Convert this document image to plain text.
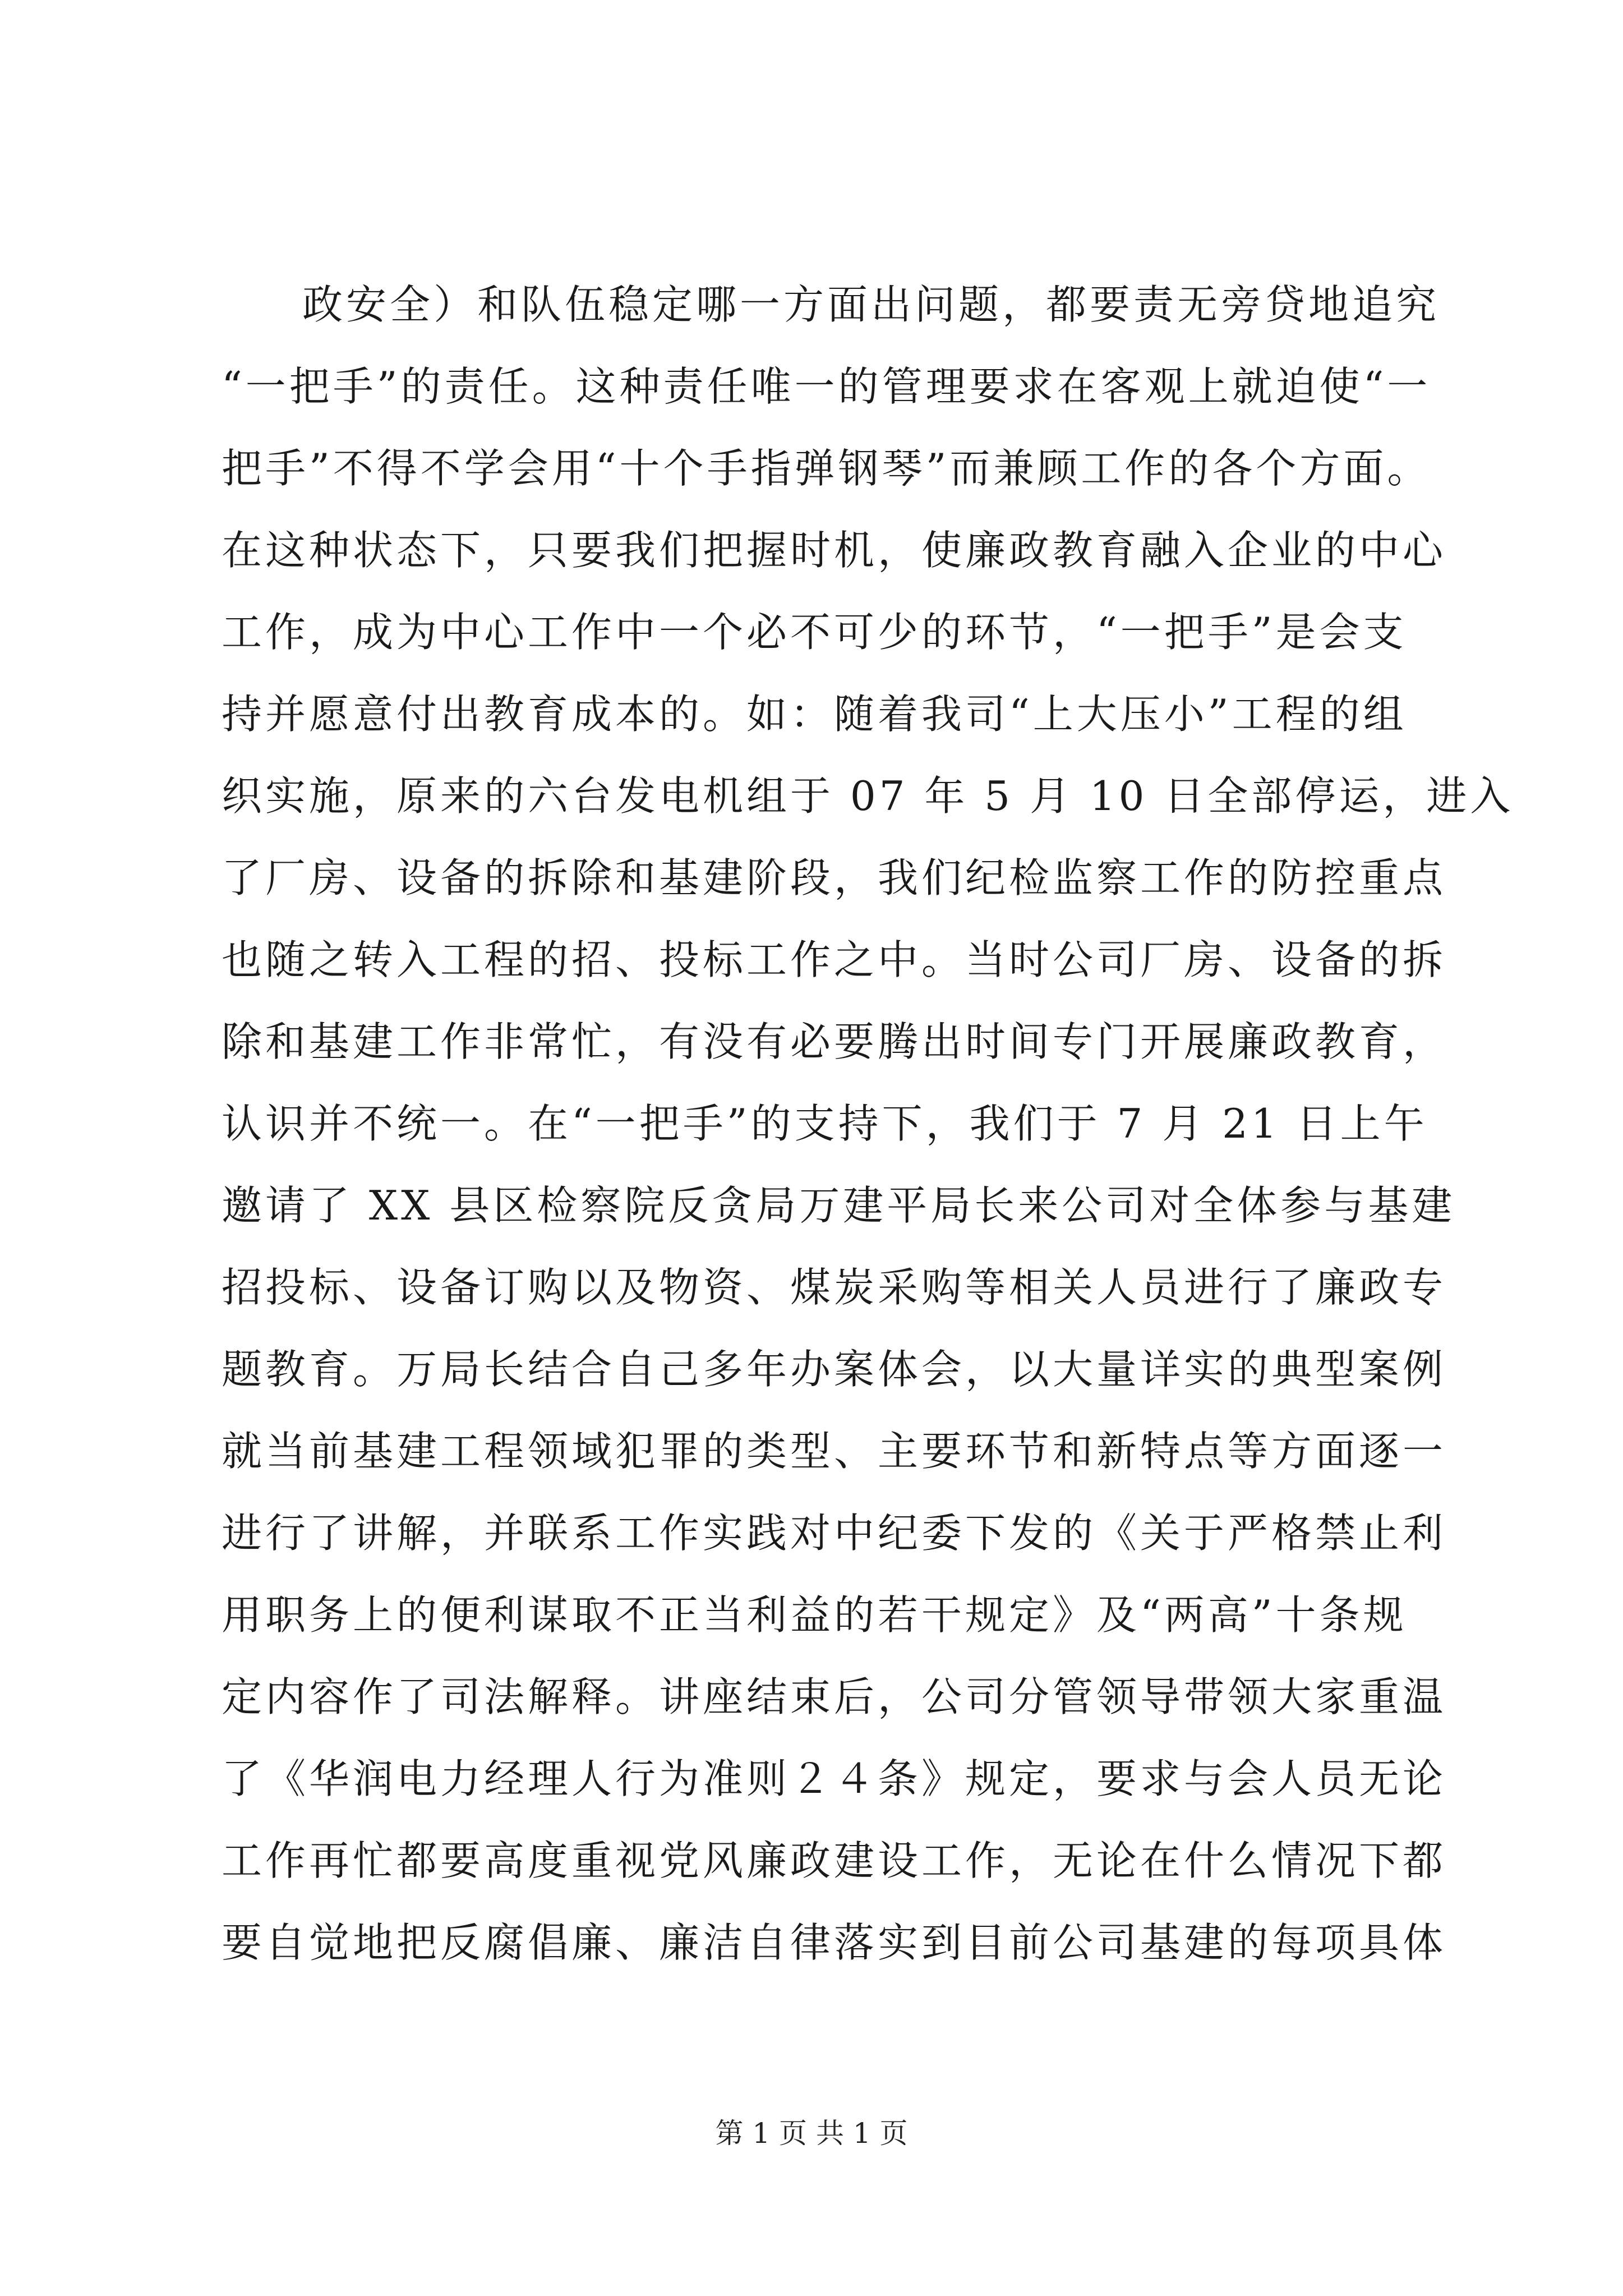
政安全）和队伍稳定哪一方面出问题，都要责无旁贷地追究
“一把手”的责任。这种责任唯一的管理要求在客观上就迫使“一
把手”不得不学会用“十个手指弹钢琴”而兼顾工作的各个方面。
在这种状态下，只要我们把握时机，使廉政教育融入企业的中心
工作，成为中心工作中一个必不可少的环节，“一把手”是会支
持并愿意付出教育成本的。如：随着我司“上大压小”工程的组
织实施，原来的六台发电机组于 07 年 5 月 10 日全部停运，进入
了厂房、设备的拆除和基建阶段，我们纪检监察工作的防控重点
也随之转入工程的招、投标工作之中。当时公司厂房、设备的拆
除和基建工作非常忙，有没有必要腾出时间专门开展廉政教育，
认识并不统一。在“一把手”的支持下，我们于 7 月 21 日上午
邀请了 XX 县区检察院反贪局万建平局长来公司对全体参与基建
招投标、设备订购以及物资、煤炭采购等相关人员进行了廉政专
题教育。万局长结合自己多年办案体会，以大量详实的典型案例
就当前基建工程领域犯罪的类型、主要环节和新特点等方面逐一
进行了讲解，并联系工作实践对中纪委下发的《关于严格禁止利
用职务上的便利谋取不正当利益的若干规定》及“两高”十条规
定内容作了司法解释。讲座结束后，公司分管领导带领大家重温
了《华润电力经理人行为准则２４条》规定，要求与会人员无论
工作再忙都要高度重视党风廉政建设工作，无论在什么情况下都
要自觉地把反腐倡廉、廉洁自律落实到目前公司基建的每项具体
第 1 页 共 1 页
